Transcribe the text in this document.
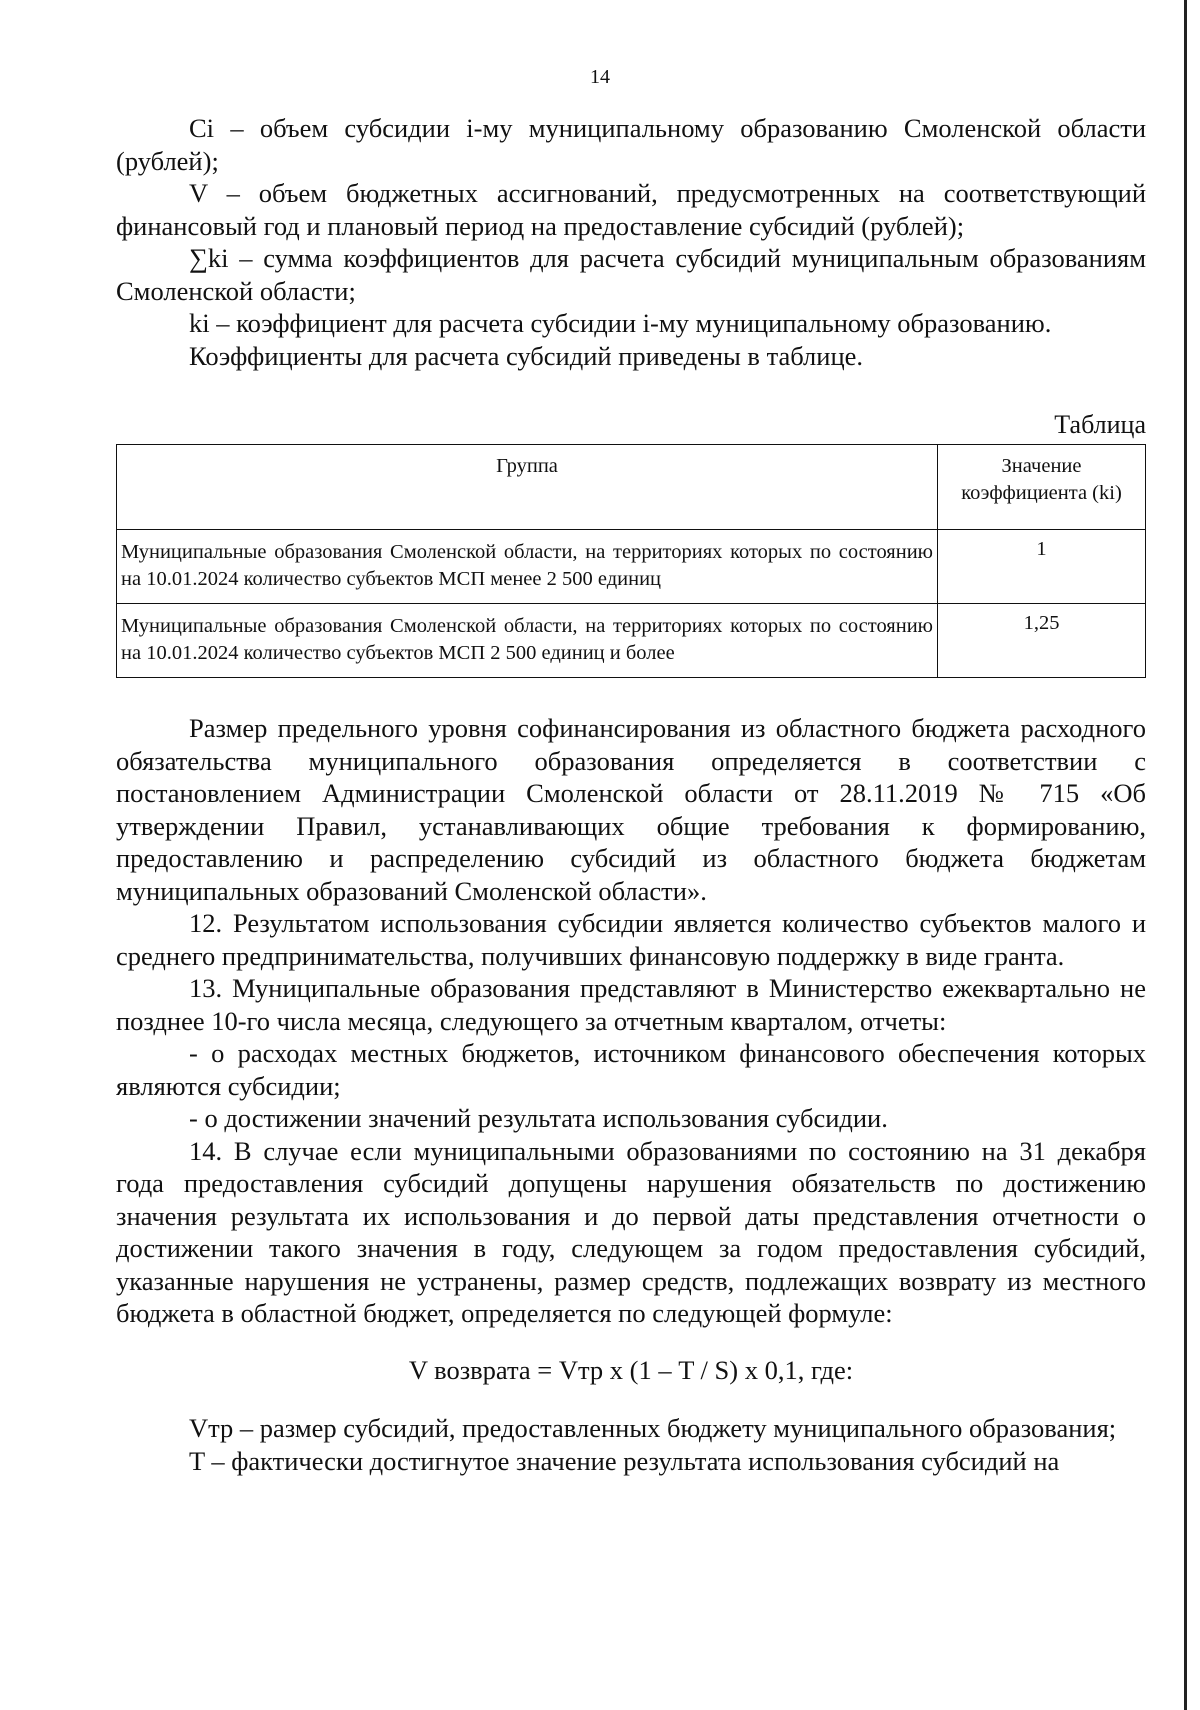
14

Ci – объем субсидии i-му муниципальному образованию Смоленской области (рублей);

V – объем бюджетных ассигнований, предусмотренных на соответствующий финансовый год и плановый период на предоставление субсидий (рублей);

∑ki – сумма коэффициентов для расчета субсидий муниципальным образованиям Смоленской области;

ki – коэффициент для расчета субсидии i-му муниципальному образованию.

Коэффициенты для расчета субсидий приведены в таблице.

Таблица
Группа	Значение коэффициента (ki)
Муниципальные образования Смоленской области, на территориях которых по состоянию на 10.01.2024 количество субъектов МСП менее 2 500 единиц	1
Муниципальные образования Смоленской области, на территориях которых по состоянию на 10.01.2024 количество субъектов МСП 2 500 единиц и более	1,25

Размер предельного уровня софинансирования из областного бюджета расходного обязательства муниципального образования определяется в соответствии с постановлением Администрации Смоленской области от 28.11.2019 № 715 «Об утверждении Правил, устанавливающих общие требования к формированию, предоставлению и распределению субсидий из областного бюджета бюджетам муниципальных образований Смоленской области».

12. Результатом использования субсидии является количество субъектов малого и среднего предпринимательства, получивших финансовую поддержку в виде гранта.

13. Муниципальные образования представляют в Министерство ежеквартально не позднее 10-го числа месяца, следующего за отчетным кварталом, отчеты:

- о расходах местных бюджетов, источником финансового обеспечения которых являются субсидии;

- о достижении значений результата использования субсидии.

14. В случае если муниципальными образованиями по состоянию на 31 декабря года предоставления субсидий допущены нарушения обязательств по достижению значения результата их использования и до первой даты представления отчетности о достижении такого значения в году, следующем за годом предоставления субсидий, указанные нарушения не устранены, размер средств, подлежащих возврату из местного бюджета в областной бюджет, определяется по следующей формуле:

V возврата = Vтр х (1 – T / S) х 0,1, где:

Vтр – размер субсидий, предоставленных бюджету муниципального образования;

T – фактически достигнутое значение результата использования субсидий на
